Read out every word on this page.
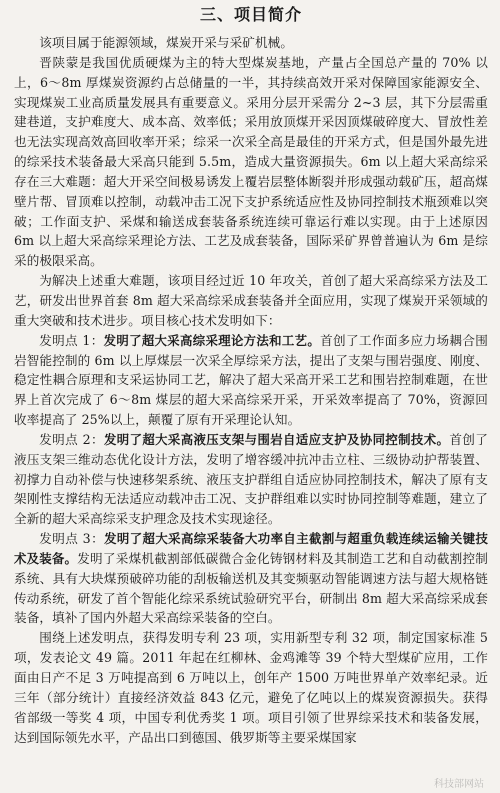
三、项目简介

该项目属于能源领域，煤炭开采与采矿机械。

晋陕蒙是我国优质硬煤为主的特大型煤炭基地，产量占全国总产量的 70% 以上，6～8m 厚煤炭资源约占总储量的一半，其持续高效开采对保障国家能源安全、实现煤炭工业高质量发展具有重要意义。采用分层开采需分 2~3 层，其下分层需重建巷道，支护难度大、成本高、效率低；采用放顶煤开采因顶煤破碎度大、冒放性差也无法实现高效高回收率开采；综采一次采全高是最佳的开采方式，但是国外最先进的综采技术装备最大采高只能到 5.5m，造成大量资源损失。6m 以上超大采高综采存在三大难题：超大开采空间极易诱发上覆岩层整体断裂并形成强动载矿压，超高煤壁片帮、冒顶难以控制，动载冲击工况下支护系统适应性及协同控制技术瓶颈难以突破；工作面支护、采煤和输送成套装备系统连续可靠运行难以实现。由于上述原因 6m 以上超大采高综采理论方法、工艺及成套装备，国际采矿界曾普遍认为 6m 是综采的极限采高。

为解决上述重大难题，该项目经过近 10 年攻关，首创了超大采高综采方法及工艺，研发出世界首套 8m 超大采高综采成套装备并全面应用，实现了煤炭开采领域的重大突破和技术进步。项目核心技术发明如下：

发明点 1：发明了超大采高综采理论方法和工艺。首创了工作面多应力场耦合围岩智能控制的 6m 以上厚煤层一次采全厚综采方法，提出了支架与围岩强度、刚度、稳定性耦合原理和支采运协同工艺，解决了超大采高开采工艺和围岩控制难题，在世界上首次完成了 6～8m 煤层的超大采高综采开采，开采效率提高了 70%，资源回收率提高了 25%以上，颠覆了原有开采理论认知。

发明点 2：发明了超大采高液压支架与围岩自适应支护及协同控制技术。首创了液压支架三维动态优化设计方法，发明了增容缓冲抗冲击立柱、三级协动护帮装置、初撑力自动补偿与快速移架系统、液压支护群组自适应协同控制技术，解决了原有支架刚性支撑结构无法适应动载冲击工况、支护群组难以实时协同控制等难题，建立了全新的超大采高综采支护理念及技术实现途径。

发明点 3：发明了超大采高综采装备大功率自主截割与超重负载连续运输关键技术及装备。发明了采煤机截割部低碳微合金化铸钢材料及其制造工艺和自动截割控制系统、具有大块煤预破碎功能的刮板输送机及其变频驱动智能调速方法与超大规格链传动系统，研发了首个智能化综采系统试验研究平台，研制出 8m 超大采高综采成套装备，填补了国内外超大采高综采装备的空白。

围绕上述发明点，获得发明专利 23 项，实用新型专利 32 项，制定国家标准 5 项，发表论文 49 篇。2011 年起在红柳林、金鸡滩等 39 个特大型煤矿应用，工作面由日产不足 3 万吨提高到 6 万吨以上，创年产 1500 万吨世界单产效率纪录。近三年（部分统计）直接经济效益 843 亿元，避免了亿吨以上的煤炭资源损失。获得省部级一等奖 4 项，中国专利优秀奖 1 项。项目引领了世界综采技术和装备发展，达到国际领先水平，产品出口到德国、俄罗斯等主要采煤国家

科技部网站
